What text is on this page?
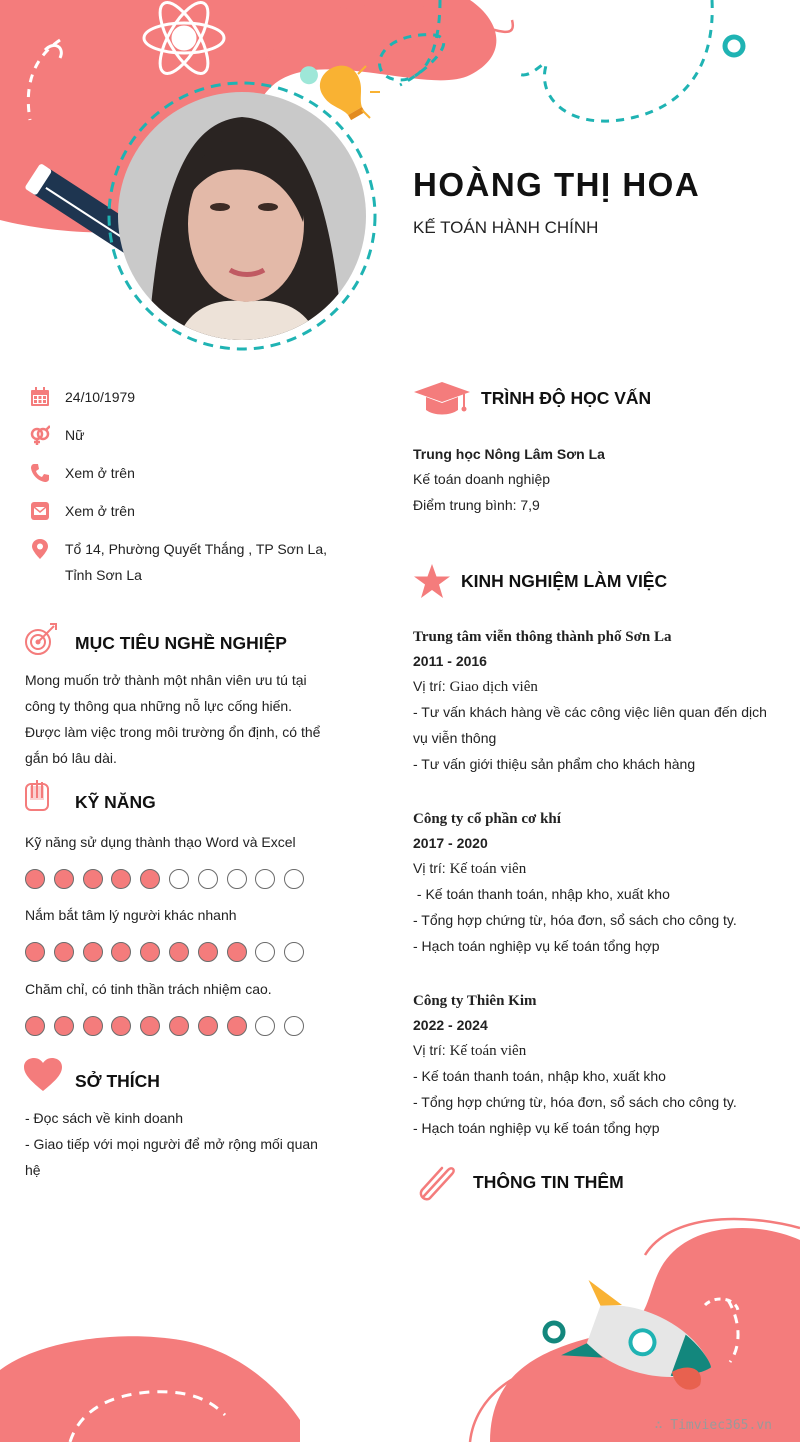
HOÀNG THỊ HOA
KẾ TOÁN HÀNH CHÍNH
24/10/1979
Nữ
Xem ở trên
Xem ở trên
Tổ 14, Phường Quyết Thắng , TP Sơn La, Tỉnh Sơn La
MỤC TIÊU NGHỀ NGHIỆP
Mong muốn trở thành một nhân viên ưu tú tại công ty thông qua những nỗ lực cống hiến. Được làm việc trong môi trường ổn định, có thể gắn bó lâu dài.
KỸ NĂNG
Kỹ năng sử dụng thành thạo Word và Excel
Nắm bắt tâm lý người khác nhanh
Chăm chỉ, có tinh thần trách nhiệm cao.
SỞ THÍCH
- Đọc sách về kinh doanh
- Giao tiếp với mọi người để mở rộng mối quan
hệ
TRÌNH ĐỘ HỌC VẤN
Trung học Nông Lâm Sơn La
Kế toán doanh nghiệp
Điểm trung bình: 7,9
KINH NGHIỆM LÀM VIỆC
Trung tâm viễn thông thành phố Sơn La
2011 - 2016
Vị trí: Giao dịch viên
- Tư vấn khách hàng về các công việc liên quan đến dịch
vụ viễn thông
- Tư vấn giới thiệu sản phẩm cho khách hàng
Công ty cổ phần cơ khí
2017 - 2020
Vị trí: Kế toán viên
- Kế toán thanh toán, nhập kho, xuất kho
- Tổng hợp chứng từ, hóa đơn, sổ sách cho công ty.
- Hạch toán nghiệp vụ kế toán tổng hợp
Công ty Thiên Kim
2022 - 2024
Vị trí: Kế toán viên
- Kế toán thanh toán, nhập kho, xuất kho
- Tổng hợp chứng từ, hóa đơn, sổ sách cho công ty.
- Hạch toán nghiệp vụ kế toán tổng hợp
THÔNG TIN THÊM
∴ Timviec365.vn
